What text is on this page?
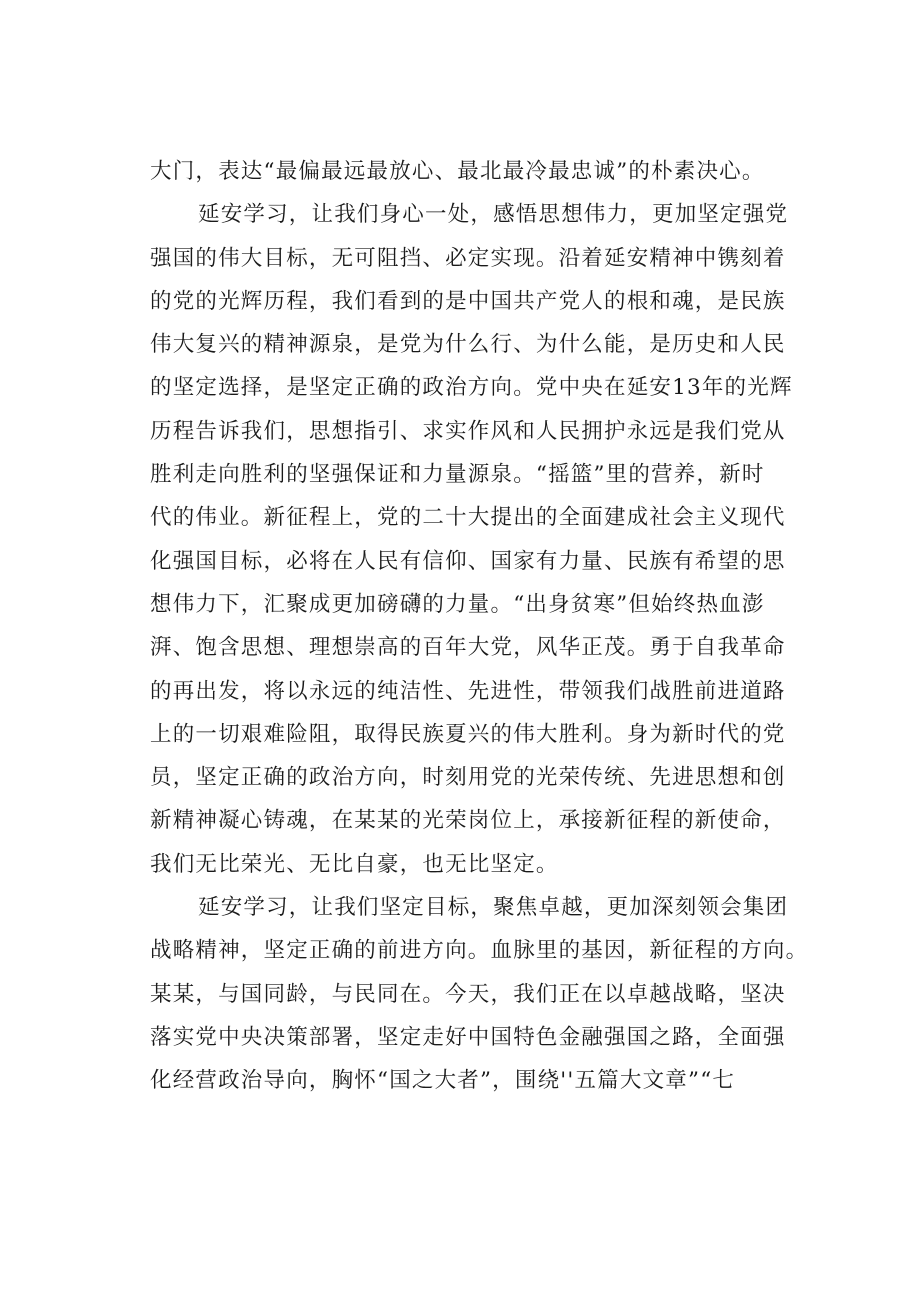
大门，表达“最偏最远最放心、最北最冷最忠诚”的朴素决心。
延安学习，让我们身心一处，感悟思想伟力，更加坚定强党
强国的伟大目标，无可阻挡、必定实现。沿着延安精神中镌刻着
的党的光辉历程，我们看到的是中国共产党人的根和魂，是民族
伟大复兴的精神源泉，是党为什么行、为什么能，是历史和人民
的坚定选择，是坚定正确的政治方向。党中央在延安13年的光辉
历程告诉我们，思想指引、求实作风和人民拥护永远是我们党从
胜利走向胜利的坚强保证和力量源泉。“摇篮”里的营养，新时
代的伟业。新征程上，党的二十大提出的全面建成社会主义现代
化强国目标，必将在人民有信仰、国家有力量、民族有希望的思
想伟力下，汇聚成更加磅礴的力量。“出身贫寒”但始终热血澎
湃、饱含思想、理想崇高的百年大党，风华正茂。勇于自我革命
的再出发，将以永远的纯洁性、先进性，带领我们战胜前进道路
上的一切艰难险阻，取得民族夏兴的伟大胜利。身为新时代的党
员，坚定正确的政治方向，时刻用党的光荣传统、先进思想和创
新精神凝心铸魂，在某某的光荣岗位上，承接新征程的新使命，
我们无比荣光、无比自豪，也无比坚定。
延安学习，让我们坚定目标，聚焦卓越，更加深刻领会集团
战略精神，坚定正确的前进方向。血脉里的基因，新征程的方向。
某某，与国同龄，与民同在。今天，我们正在以卓越战略，坚决
落实党中央决策部署，坚定走好中国特色金融强国之路，全面强
化经营政治导向，胸怀“国之大者”，围绕''五篇大文章”“七
